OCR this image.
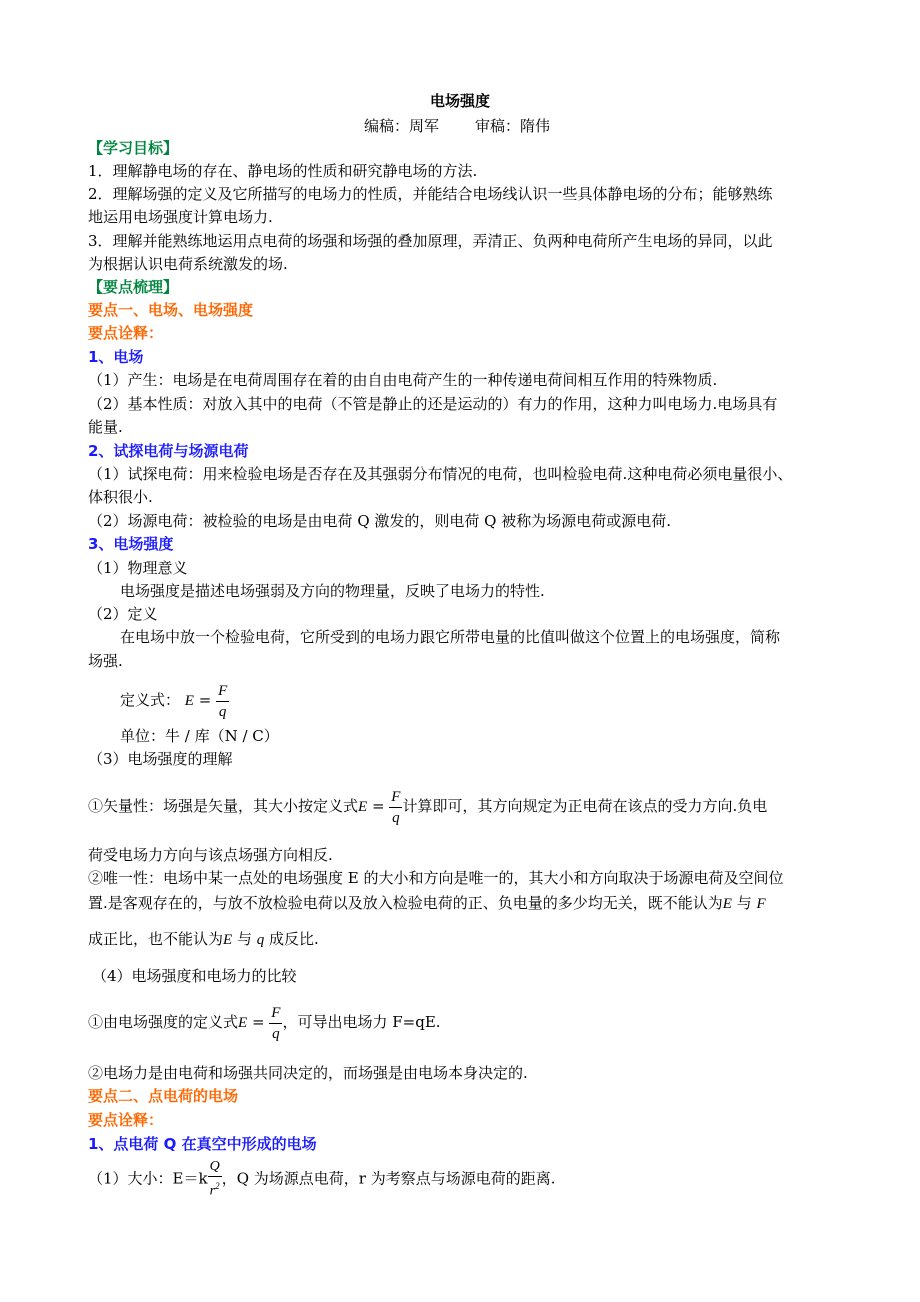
电场强度
编稿：周军 审稿：隋伟
【学习目标】
1．理解静电场的存在、静电场的性质和研究静电场的方法.
2．理解场强的定义及它所描写的电场力的性质，并能结合电场线认识一些具体静电场的分布；能够熟练
地运用电场强度计算电场力.
3．理解并能熟练地运用点电荷的场强和场强的叠加原理，弄清正、负两种电荷所产生电场的异同，以此
为根据认识电荷系统激发的场.
【要点梳理】
要点一、电场、电场强度
要点诠释：
1、电场
（1）产生：电场是在电荷周围存在着的由自由电荷产生的一种传递电荷间相互作用的特殊物质.
（2）基本性质：对放入其中的电荷（不管是静止的还是运动的）有力的作用，这种力叫电场力.电场具有
能量.
2、试探电荷与场源电荷
（1）试探电荷：用来检验电场是否存在及其强弱分布情况的电荷，也叫检验电荷.这种电荷必须电量很小、
体积很小.
（2）场源电荷：被检验的电场是由电荷 Q 激发的，则电荷 Q 被称为场源电荷或源电荷.
3、电场强度
（1）物理意义
电场强度是描述电场强弱及方向的物理量，反映了电场力的特性.
（2）定义
在电场中放一个检验电荷，它所受到的电场力跟它所带电量的比值叫做这个位置上的电场强度，简称
场强.
定义式： $E = \frac{F}{q}$
单位：牛 / 库（N / C）
（3）电场强度的理解
①矢量性：场强是矢量，其大小按定义式$E = \frac{F}{q}$ 计算即可，其方向规定为正电荷在该点的受力方向.负电
荷受电场力方向与该点场强方向相反.
②唯一性：电场中某一点处的电场强度 E 的大小和方向是唯一的，其大小和方向取决于场源电荷及空间位
置.是客观存在的，与放不放检验电荷以及放入检验电荷的正、负电量的多少均无关，既不能认为E 与 F
成正比，也不能认为E 与 q 成反比.
（4）电场强度和电场力的比较
①由电场强度的定义式$E = \frac{F}{q}$ ，可导出电场力 F=qE.
②电场力是由电荷和场强共同决定的，而场强是由电场本身决定的.
要点二、点电荷的电场
要点诠释：
1、点电荷 Q 在真空中形成的电场
（1）大小：$E=k \frac{Q}{r^2}$ ，Q 为场源点电荷，r 为考察点与场源电荷的距离.
